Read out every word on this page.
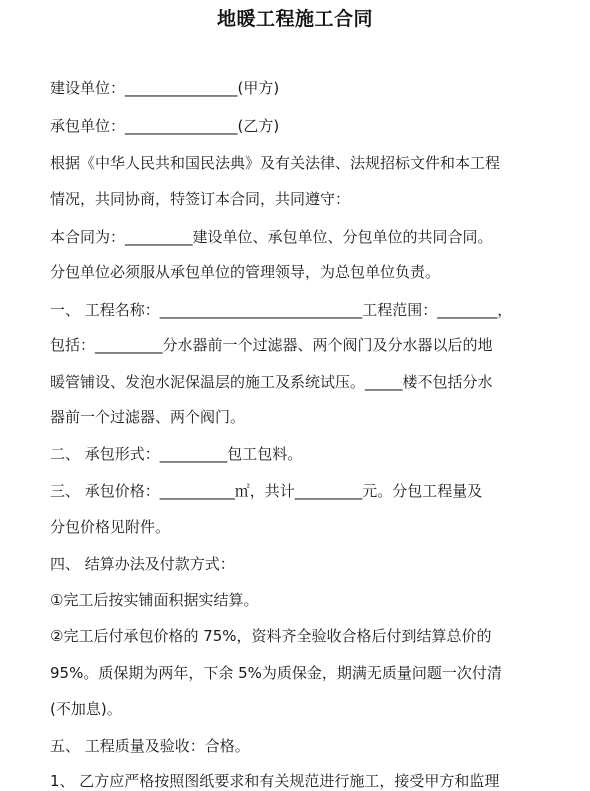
地暖工程施工合同
建设单位：_______________(甲方)
承包单位：_______________(乙方)
根据《中华人民共和国民法典》及有关法律、法规招标文件和本工程
情况，共同协商，特签订本合同，共同遵守：
本合同为：_________建设单位、承包单位、分包单位的共同合同。
分包单位必须服从承包单位的管理领导，为总包单位负责。
一、 工程名称：___________________________工程范围：________，
包括：_________分水器前一个过滤器、两个阀门及分水器以后的地
暖管铺设、发泡水泥保温层的施工及系统试压。_____楼不包括分水
器前一个过滤器、两个阀门。
二、 承包形式：_________包工包料。
三、 承包价格：__________㎡，共计_________元。分包工程量及
分包价格见附件。
四、 结算办法及付款方式：
①完工后按实铺面积据实结算。
②完工后付承包价格的 75%，资料齐全验收合格后付到结算总价的
95%。质保期为两年，下余 5%为质保金，期满无质量问题一次付清
(不加息)。
五、 工程质量及验收：合格。
1、 乙方应严格按照图纸要求和有关规范进行施工，接受甲方和监理
